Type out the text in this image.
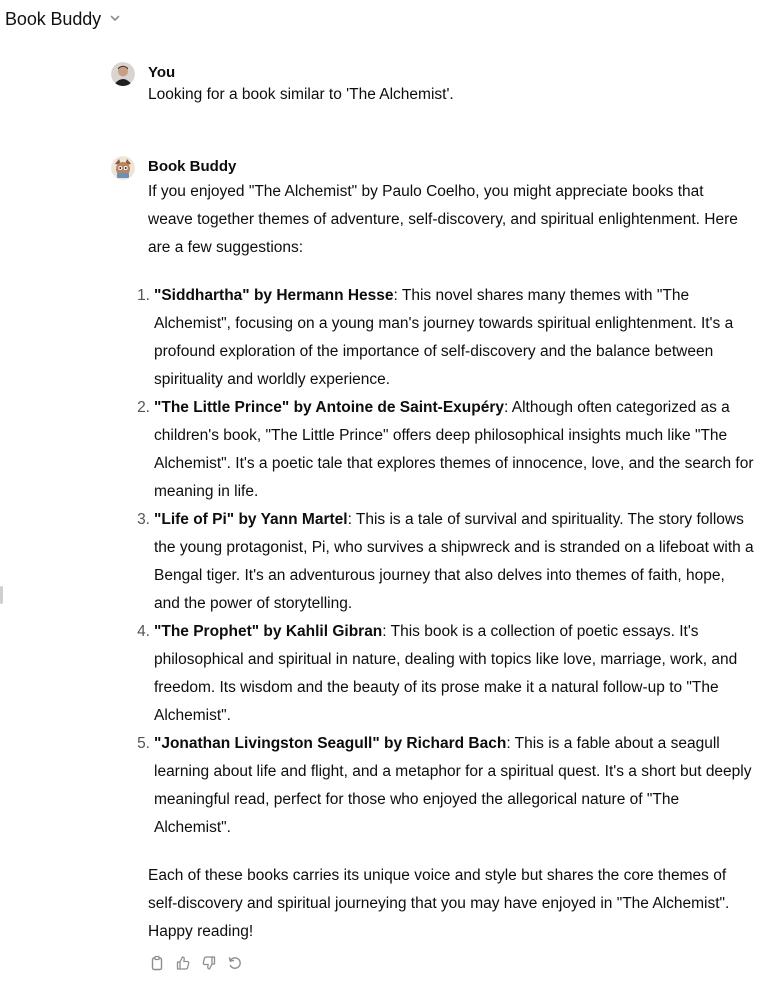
Book Buddy
You
Looking for a book similar to 'The Alchemist'.
Book Buddy
If you enjoyed "The Alchemist" by Paulo Coelho, you might appreciate books that weave together themes of adventure, self-discovery, and spiritual enlightenment. Here are a few suggestions:
1. "Siddhartha" by Hermann Hesse: This novel shares many themes with "The Alchemist", focusing on a young man's journey towards spiritual enlightenment. It's a profound exploration of the importance of self-discovery and the balance between spirituality and worldly experience.
2. "The Little Prince" by Antoine de Saint-Exupéry: Although often categorized as a children's book, "The Little Prince" offers deep philosophical insights much like "The Alchemist". It's a poetic tale that explores themes of innocence, love, and the search for meaning in life.
3. "Life of Pi" by Yann Martel: This is a tale of survival and spirituality. The story follows the young protagonist, Pi, who survives a shipwreck and is stranded on a lifeboat with a Bengal tiger. It's an adventurous journey that also delves into themes of faith, hope, and the power of storytelling.
4. "The Prophet" by Kahlil Gibran: This book is a collection of poetic essays. It's philosophical and spiritual in nature, dealing with topics like love, marriage, work, and freedom. Its wisdom and the beauty of its prose make it a natural follow-up to "The Alchemist".
5. "Jonathan Livingston Seagull" by Richard Bach: This is a fable about a seagull learning about life and flight, and a metaphor for a spiritual quest. It's a short but deeply meaningful read, perfect for those who enjoyed the allegorical nature of "The Alchemist".
Each of these books carries its unique voice and style but shares the core themes of self-discovery and spiritual journeying that you may have enjoyed in "The Alchemist". Happy reading!
